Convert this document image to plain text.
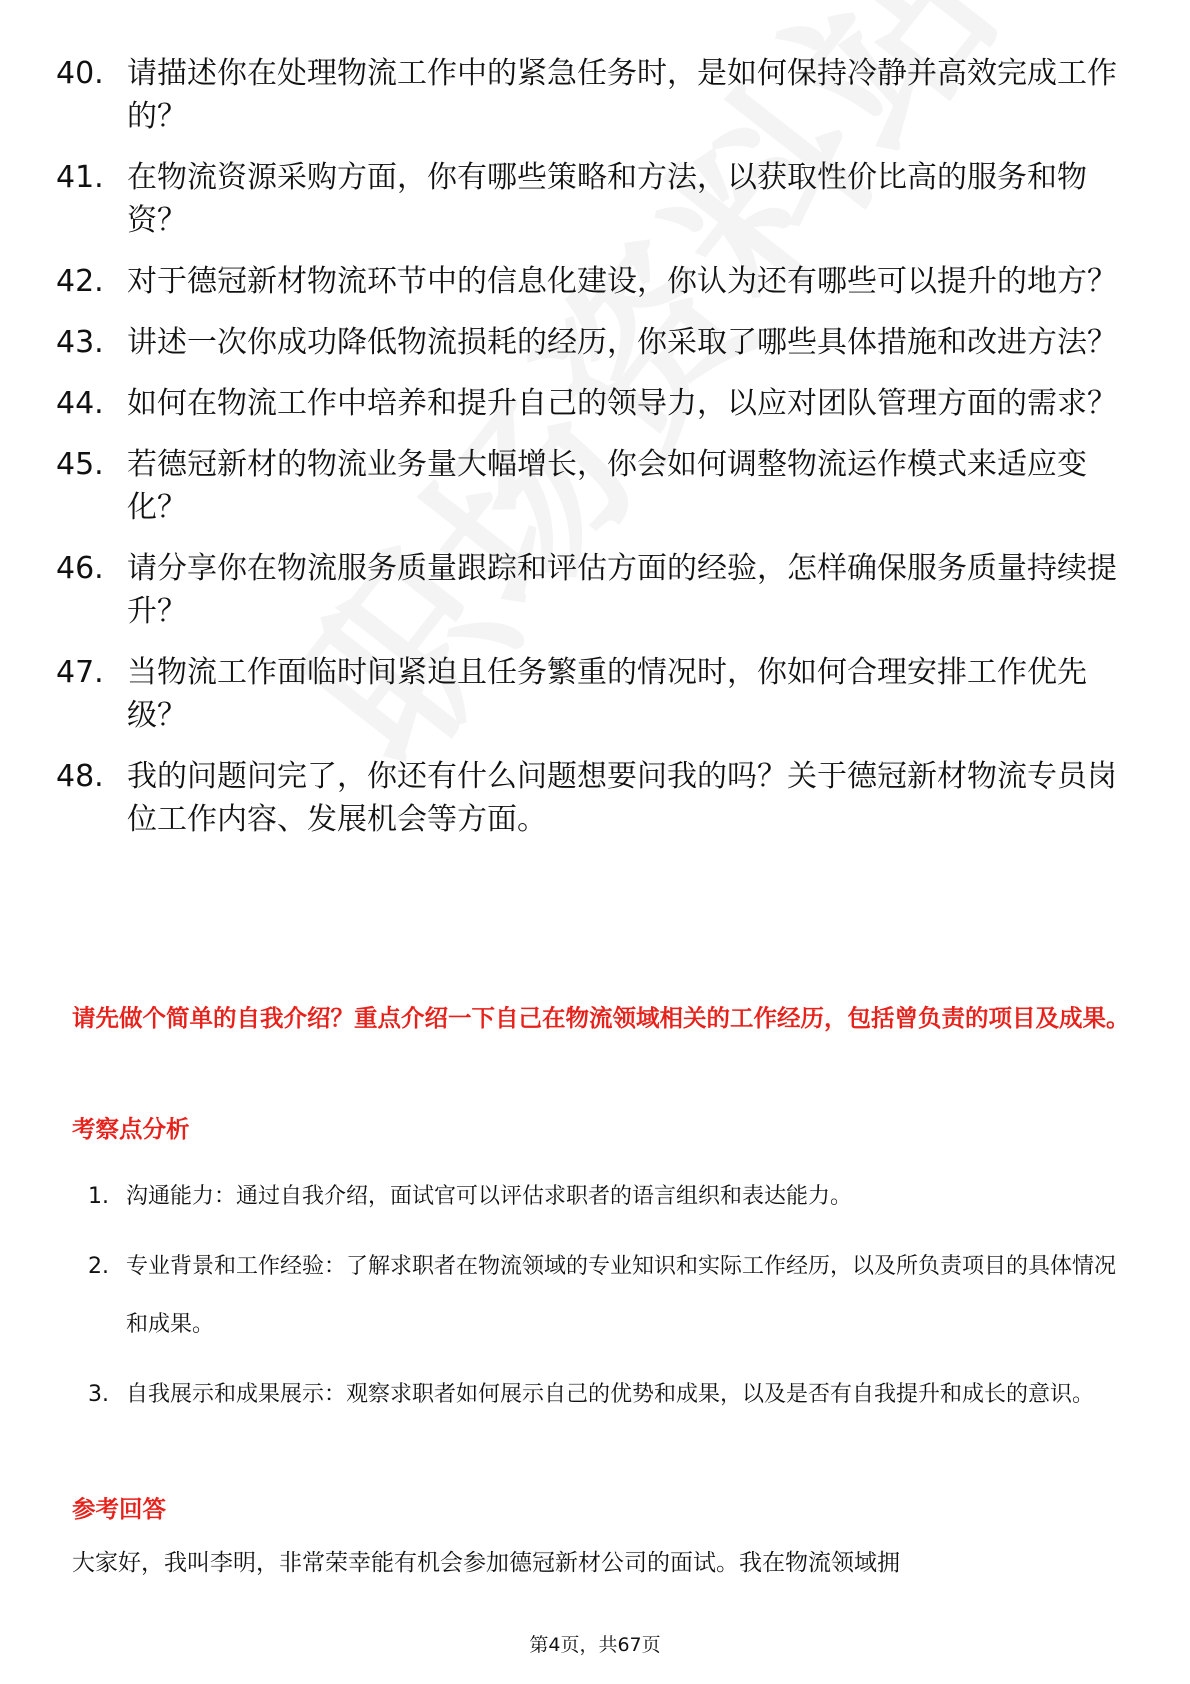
40. 请描述你在处理物流工作中的紧急任务时，是如何保持冷静并高效完成工作的？
41. 在物流资源采购方面，你有哪些策略和方法，以获取性价比高的服务和物资？
42. 对于德冠新材物流环节中的信息化建设，你认为还有哪些可以提升的地方？
43. 讲述一次你成功降低物流损耗的经历，你采取了哪些具体措施和改进方法？
44. 如何在物流工作中培养和提升自己的领导力，以应对团队管理方面的需求？
45. 若德冠新材的物流业务量大幅增长，你会如何调整物流运作模式来适应变化？
46. 请分享你在物流服务质量跟踪和评估方面的经验，怎样确保服务质量持续提升？
47. 当物流工作面临时间紧迫且任务繁重的情况时，你如何合理安排工作优先级？
48. 我的问题问完了，你还有什么问题想要问我的吗？关于德冠新材物流专员岗位工作内容、发展机会等方面。

请先做个简单的自我介绍？重点介绍一下自己在物流领域相关的工作经历，包括曾负责的项目及成果。

考察点分析
1. 沟通能力：通过自我介绍，面试官可以评估求职者的语言组织和表达能力。
2. 专业背景和工作经验：了解求职者在物流领域的专业知识和实际工作经历，以及所负责项目的具体情况和成果。
3. 自我展示和成果展示：观察求职者如何展示自己的优势和成果，以及是否有自我提升和成长的意识。
参考回答

大家好，我叫李明，非常荣幸能有机会参加德冠新材公司的面试。我在物流领域拥

第4页，共67页
